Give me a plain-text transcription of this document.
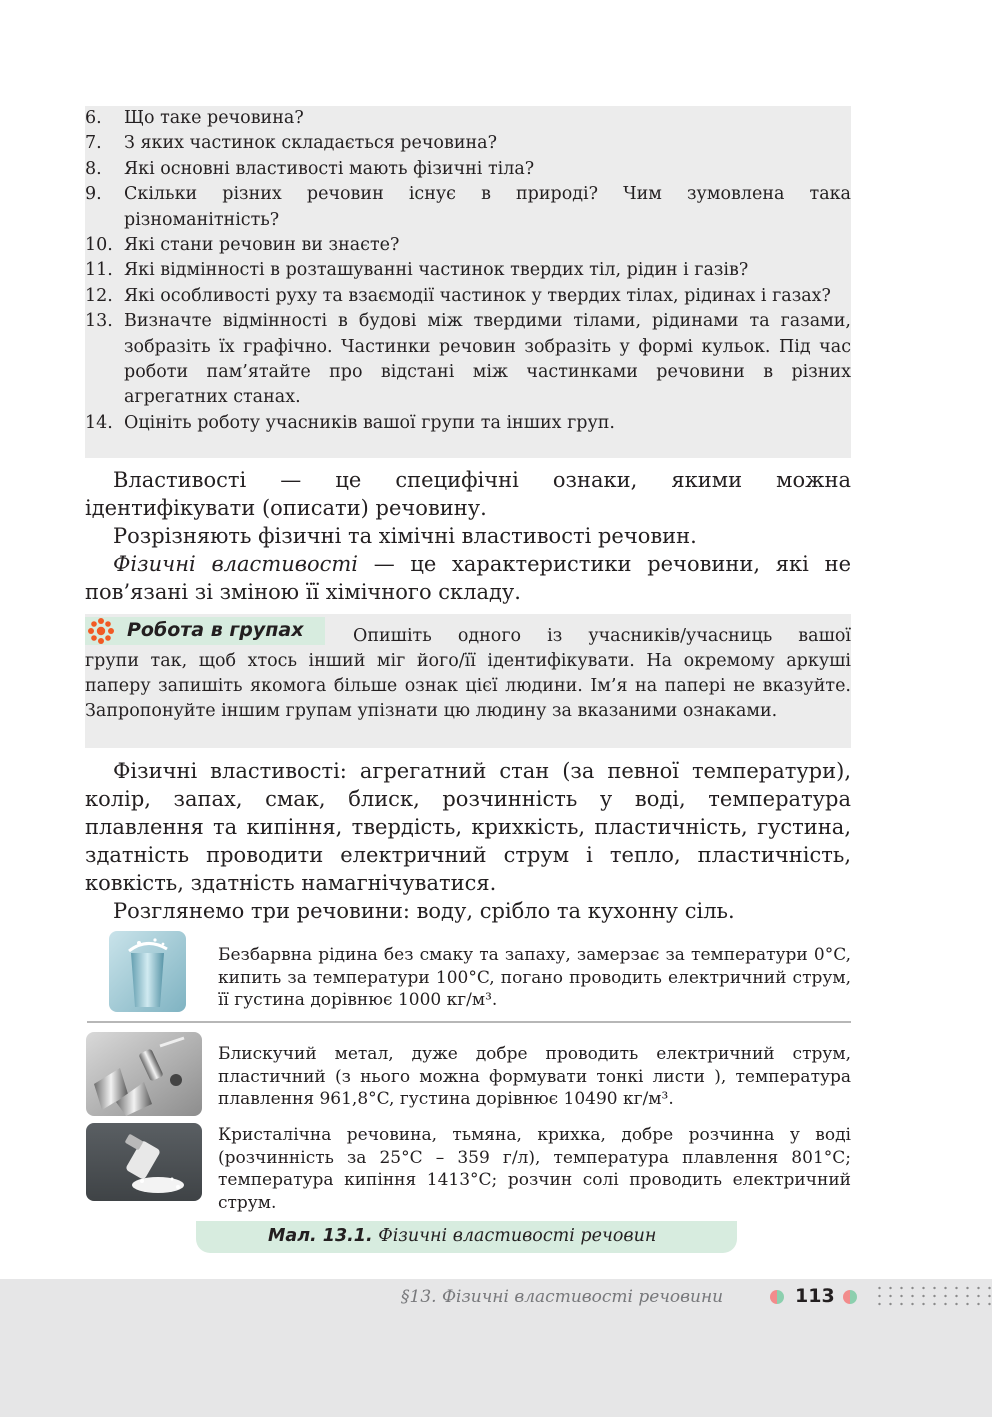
6.	Що таке речовина?
7.	З яких частинок складається речовина?
8.	Які основні властивості мають фізичні тіла?
9.	Скільки різних речовин існує в природі? Чим зумовлена така різноманітність?
10. Які стани речовин ви знаєте?
11. Які відмінності в розташуванні частинок твердих тіл, рідин і газів?
12. Які особливості руху та взаємодії частинок у твердих тілах, рідинах і газах?
13. Визначте відмінності в будові між твердими тілами, рідинами та газами, зобразіть їх графічно. Частинки речовин зобразіть у формі кульок. Під час роботи пам’ятайте про відстані між частинками речовини в різних агрегатних станах.
14. Оцініть роботу учасників вашої групи та інших груп.
Властивості — це специфічні ознаки, якими можна ідентифікувати (описати) речовину.
Розрізняють фізичні та хімічні властивості речовин.
Фізичні властивості — це характеристики речовини, які не пов’язані зі зміною її хімічного складу.
Робота в групах	Опишіть одного із учасників/учасниць вашої
групи так, щоб хтось інший міг його/її ідентифікувати. На окремому аркуші паперу запишіть якомога більше ознак цієї людини. Ім’я на папері не вказуйте. Запропонуйте іншим групам упізнати цю людину за вказаними ознаками.
Фізичні властивості: агрегатний стан (за певної температури), колір, запах, смак, блиск, розчинність у воді, температура плавлення та кипіння, твердість, крихкість, пластичність, густина, здатність проводити електричний струм і тепло, пластичність, ковкість, здатність намагнічуватися.
Розглянемо три речовини: воду, срібло та кухонну сіль.
Безбарвна рідина без смаку та запаху, замерзає за температури 0°C, кипить за температури 100°C, погано проводить електричний струм, її густина дорівнює 1000 кг/м³.
Блискучий метал, дуже добре проводить електричний струм, пластичний (з нього можна формувати тонкі листи ), температура плавлення 961,8°C, густина дорівнює 10490 кг/м³.
Кристалічна речовина, тьмяна, крихка, добре розчинна у воді (розчинність за 25°C – 359 г/л), температура плавлення 801°C; температура кипіння 1413°C; розчин солі проводить електричний струм.
Мал. 13.1. Фізичні властивості речовин
§13. Фізичні властивості речовини	113
